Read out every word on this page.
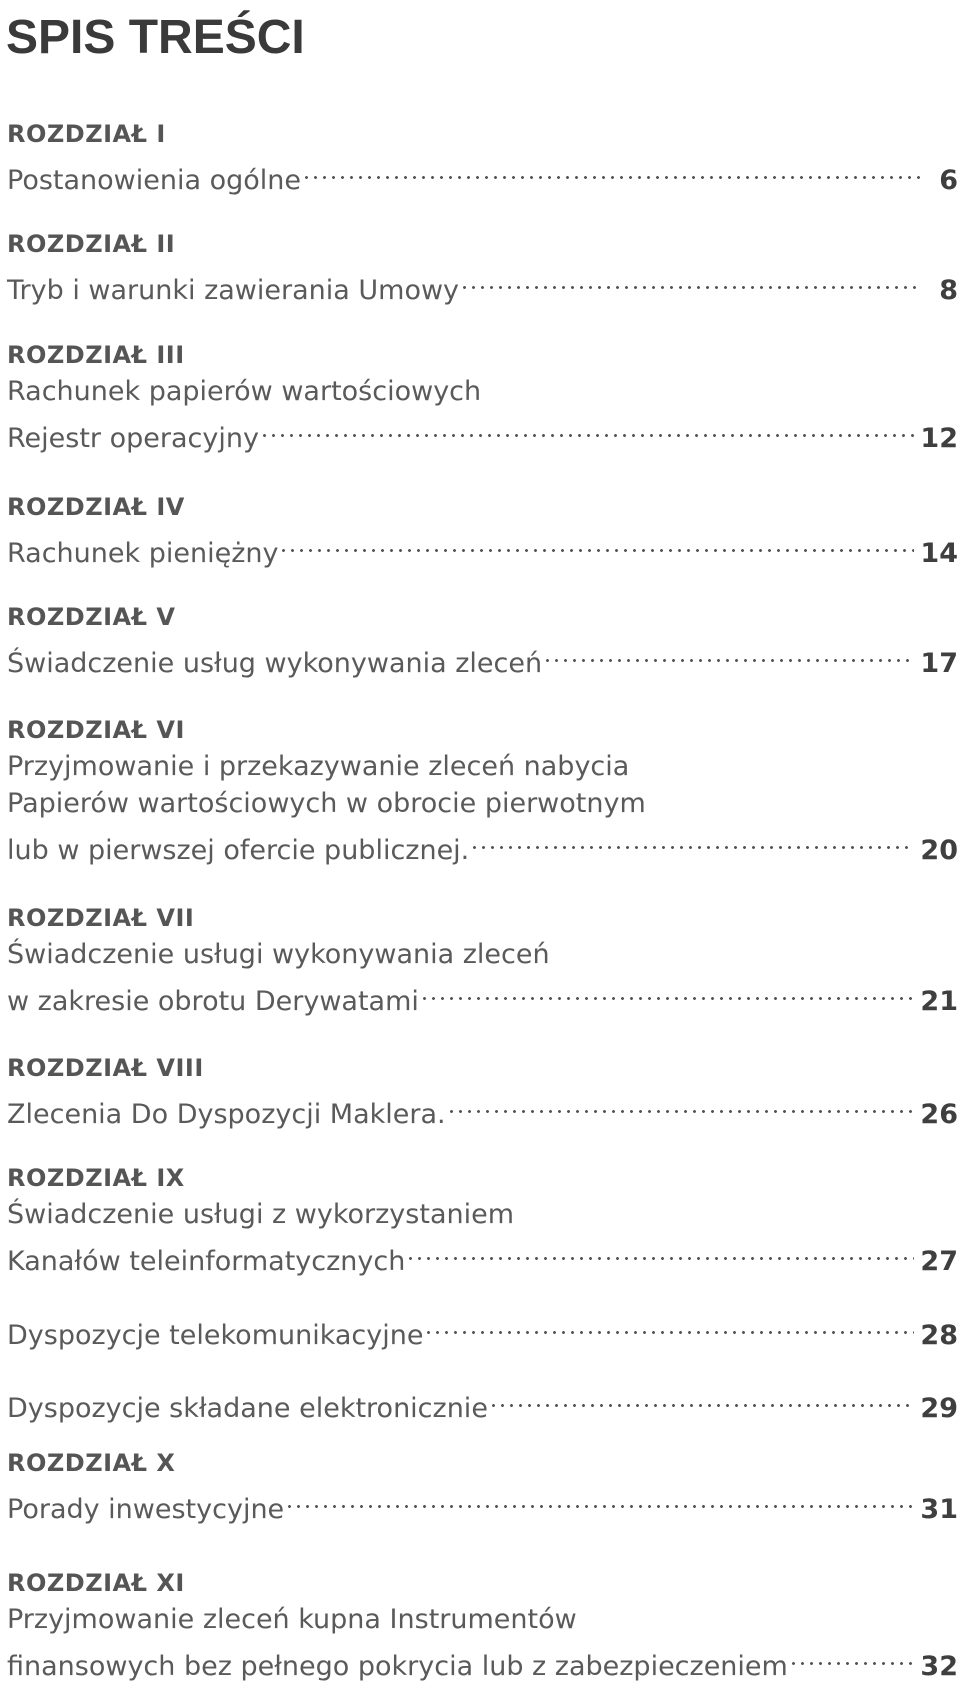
SPIS TREŚCI
ROZDZIAŁ I
Postanowienia ogólne	6
ROZDZIAŁ II
Tryb i warunki zawierania Umowy	8
ROZDZIAŁ III
Rachunek papierów wartościowych
Rejestr operacyjny	12
ROZDZIAŁ IV
Rachunek pieniężny	14
ROZDZIAŁ V
Świadczenie usług wykonywania zleceń	17
ROZDZIAŁ VI
Przyjmowanie i przekazywanie zleceń nabycia
Papierów wartościowych w obrocie pierwotnym
lub w pierwszej ofercie publicznej.	20
ROZDZIAŁ VII
Świadczenie usługi wykonywania zleceń
w zakresie obrotu Derywatami	21
ROZDZIAŁ VIII
Zlecenia Do Dyspozycji Maklera.	26
ROZDZIAŁ IX
Świadczenie usługi z wykorzystaniem
Kanałów teleinformatycznych	27
Dyspozycje telekomunikacyjne	28
Dyspozycje składane elektronicznie	29
ROZDZIAŁ X
Porady inwestycyjne	31
ROZDZIAŁ XI
Przyjmowanie zleceń kupna Instrumentów
finansowych bez pełnego pokrycia lub z zabezpieczeniem	32
